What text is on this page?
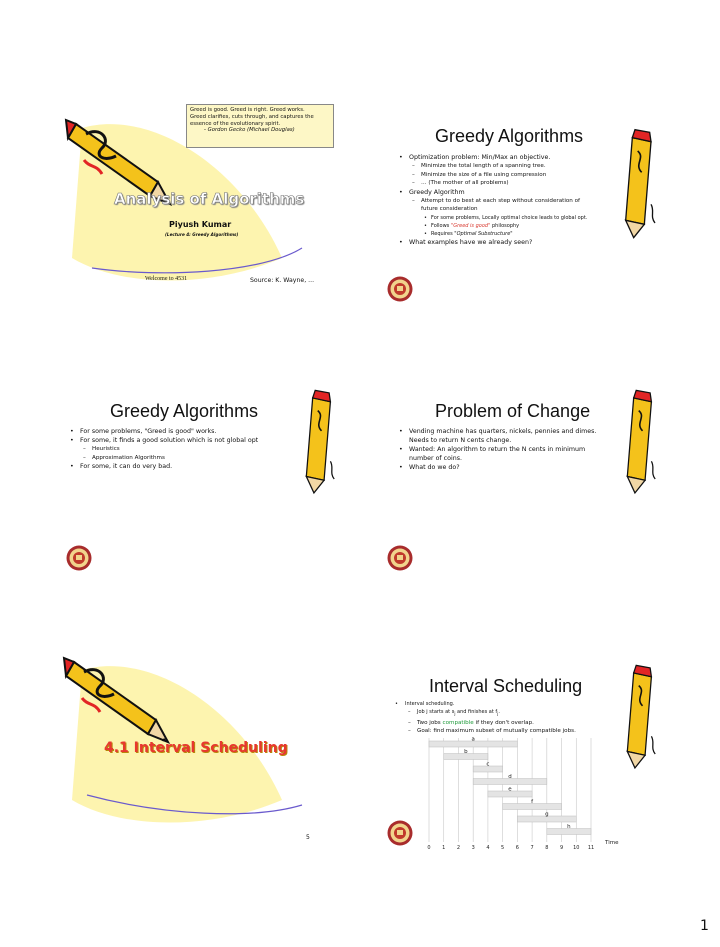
Greed is good. Greed is right. Greed works.
Greed clarifies, cuts through, and captures the
essence of the evolutionary spirit.
- Gordon Gecko (Michael Douglas)
Analysis of Algorithms
Piyush Kumar
(Lecture 4: Greedy Algorithms)
Welcome to 4531	Source: K. Wayne, ...
Greedy Algorithms
• Optimization problem: Min/Max an objective.
– Minimize the total length of a spanning tree.
– Minimize the size of a file using compression
– … (The mother of all problems)
• Greedy Algorithm
– Attempt to do best at each step without consideration of
future consideration
• For some problems, Locally optimal choice leads to global opt.
• Follows "Greed is good" philosophy
• Requires "Optimal Substructure"
• What examples have we already seen?
Greedy Algorithms
• For some problems, "Greed is good" works.
• For some, it finds a good solution which is not global opt
– Heuristics
– Approximation Algorithms
• For some, it can do very bad.
Problem of Change
• Vending machine has quarters, nickels, pennies and dimes.
Needs to return N cents change.
• Wanted: An algorithm to return the N cents in minimum
number of coins.
• What do we do?
4.1 Interval Scheduling
5
Interval Scheduling
• Interval scheduling.
– Job j starts at $s_j$ and finishes at $f_j$.
– Two jobs compatible if they don't overlap.
– Goal: find maximum subset of mutually compatible jobs.
a
b
c
d
e
f
g
h
0 1 2 3 4 5 6 7 8 9 10 11
Time
1
